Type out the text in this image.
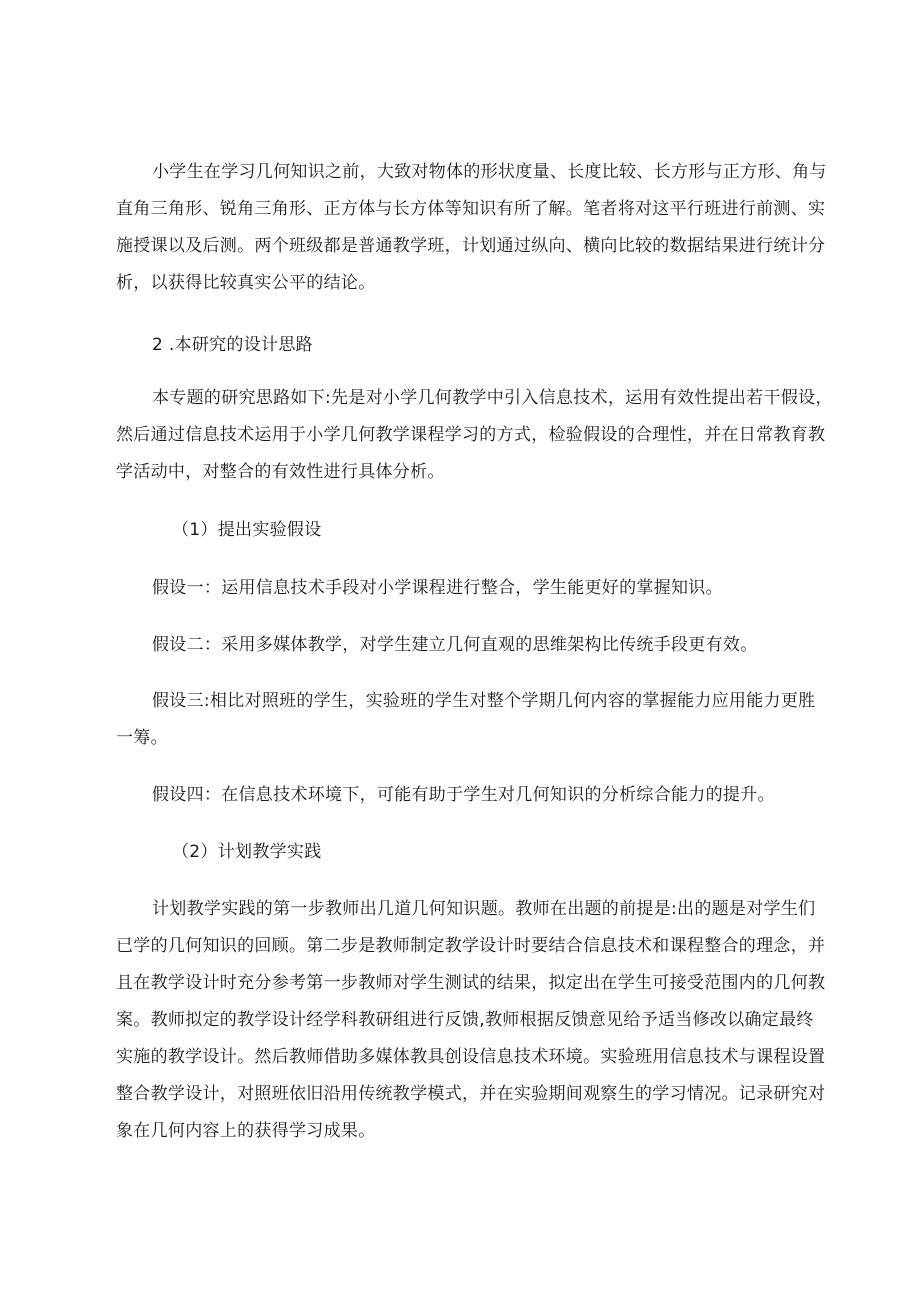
小学生在学习几何知识之前，大致对物体的形状度量、长度比较、长方形与正方形、角与
直角三角形、锐角三角形、正方体与长方体等知识有所了解。笔者将对这平行班进行前测、实
施授课以及后测。两个班级都是普通教学班，计划通过纵向、横向比较的数据结果进行统计分
析，以获得比较真实公平的结论。
2 .本研究的设计思路
本专题的研究思路如下:先是对小学几何教学中引入信息技术，运用有效性提出若干假设，
然后通过信息技术运用于小学几何教学课程学习的方式，检验假设的合理性，并在日常教育教
学活动中，对整合的有效性进行具体分析。
（1）提出实验假设
假设一：运用信息技术手段对小学课程进行整合，学生能更好的掌握知识。
假设二：采用多媒体教学，对学生建立几何直观的思维架构比传统手段更有效。
假设三:相比对照班的学生，实验班的学生对整个学期几何内容的掌握能力应用能力更胜
一筹。
假设四：在信息技术环境下，可能有助于学生对几何知识的分析综合能力的提升。
（2）计划教学实践
计划教学实践的第一步教师出几道几何知识题。教师在出题的前提是:出的题是对学生们
已学的几何知识的回顾。第二步是教师制定教学设计时要结合信息技术和课程整合的理念，并
且在教学设计时充分参考第一步教师对学生测试的结果，拟定出在学生可接受范围内的几何教
案。教师拟定的教学设计经学科教研组进行反馈,教师根据反馈意见给予适当修改以确定最终
实施的教学设计。然后教师借助多媒体教具创设信息技术环境。实验班用信息技术与课程设置
整合教学设计，对照班依旧沿用传统教学模式，并在实验期间观察生的学习情况。记录研究对
象在几何内容上的获得学习成果。
